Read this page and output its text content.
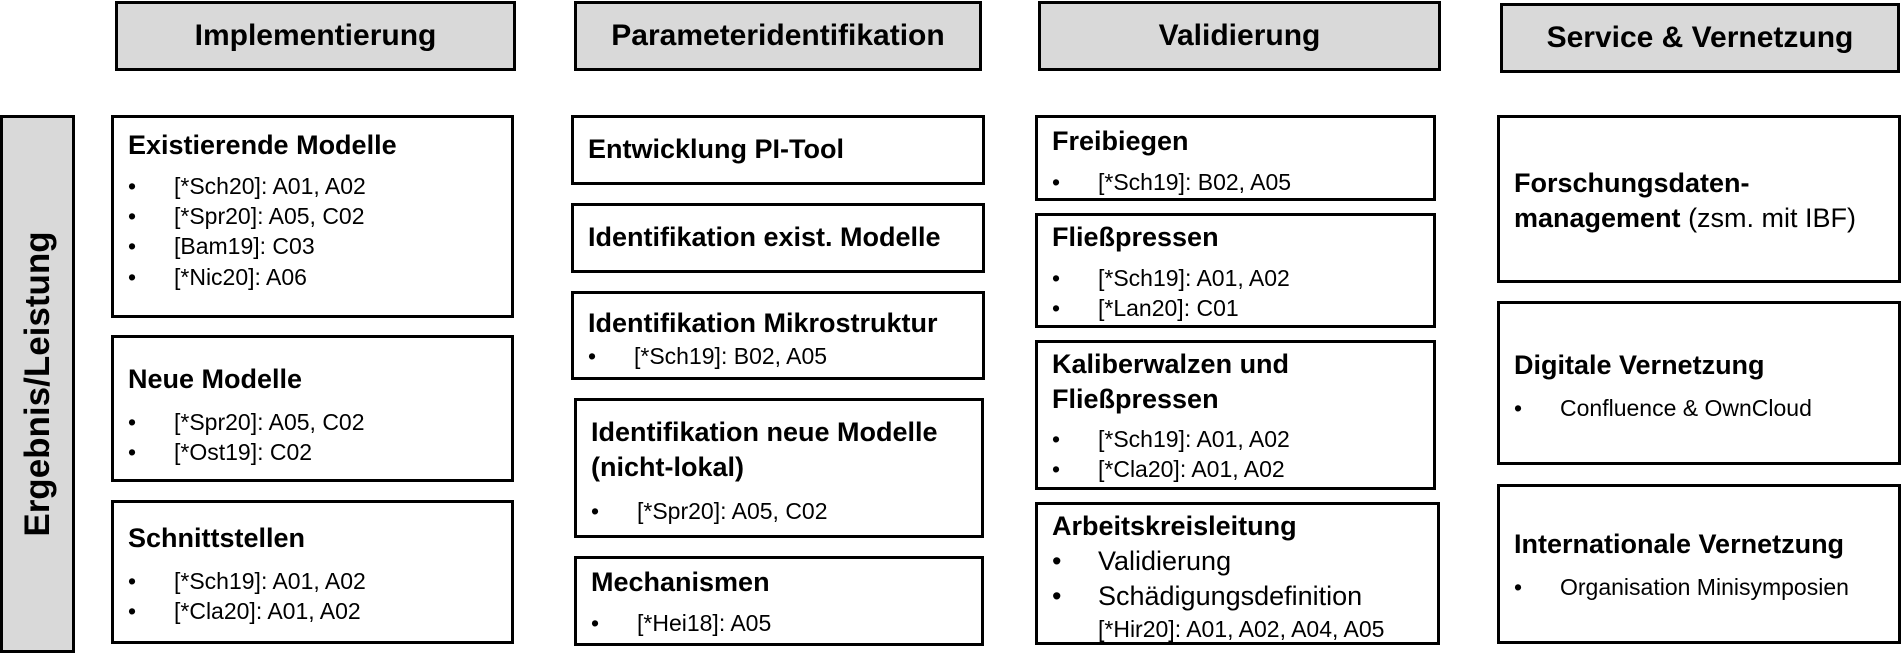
Implementierung	Parameteridentifikation	Validierung	Service & Vernetzung
Ergebnis/Leistung
Existierende Modelle
• [*Sch20]: A01, A02
• [*Spr20]: A05, C02
• [Bam19]: C03
• [*Nic20]: A06
Neue Modelle
• [*Spr20]: A05, C02
• [*Ost19]: C02
Schnittstellen
• [*Sch19]: A01, A02
• [*Cla20]: A01, A02
Entwicklung PI-Tool
Identifikation exist. Modelle
Identifikation Mikrostruktur
• [*Sch19]: B02, A05
Identifikation neue Modelle
(nicht-lokal)
• [*Spr20]: A05, C02
Mechanismen
• [*Hei18]: A05
Freibiegen
• [*Sch19]: B02, A05
Fließpressen
• [*Sch19]: A01, A02
• [*Lan20]: C01
Kaliberwalzen und
Fließpressen
• [*Sch19]: A01, A02
• [*Cla20]: A01, A02
Arbeitskreisleitung
• Validierung
• Schädigungsdefinition
[*Hir20]: A01, A02, A04, A05
Forschungsdaten-
management (zsm. mit IBF)
Digitale Vernetzung
• Confluence & OwnCloud
Internationale Vernetzung
• Organisation Minisymposien
